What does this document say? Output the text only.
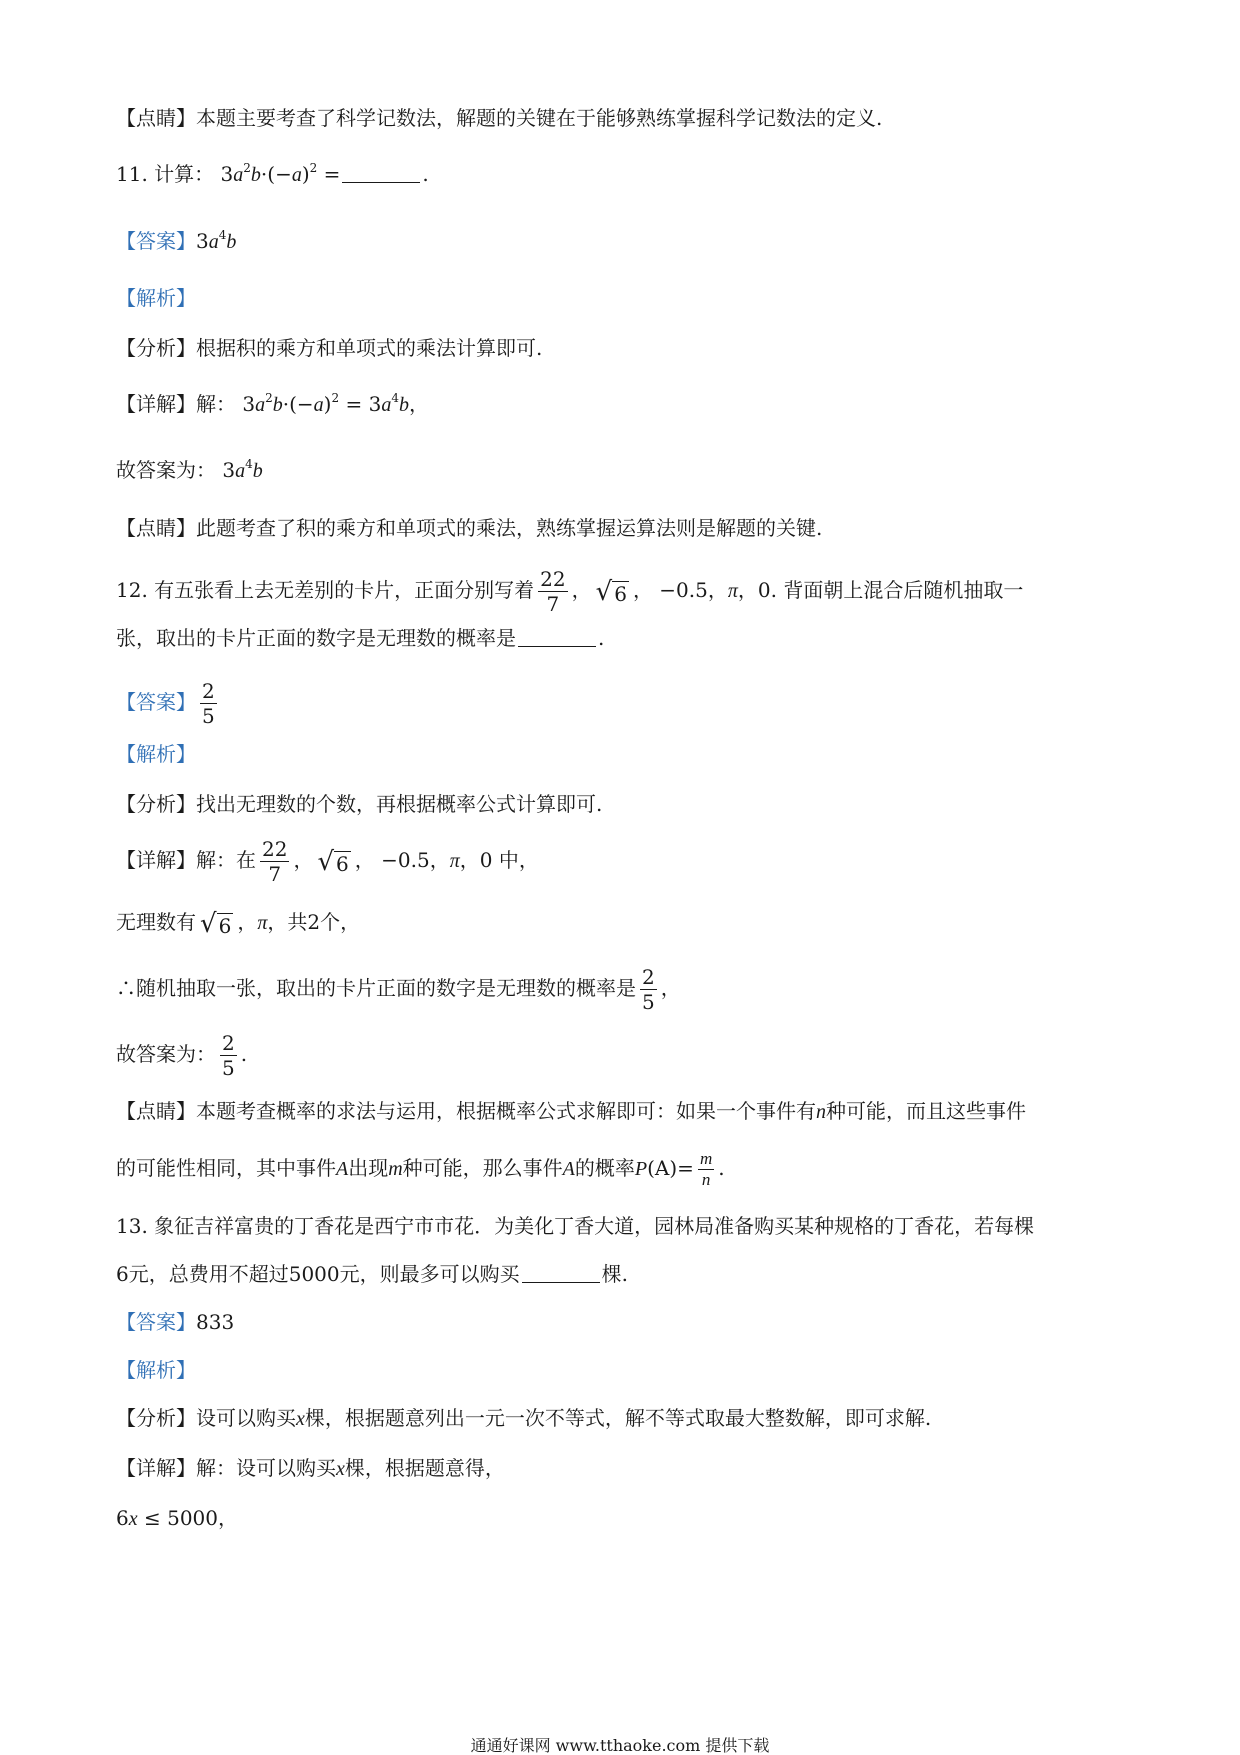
【点睛】本题主要考查了科学记数法，解题的关键在于能够熟练掌握科学记数法的定义.
11. 计算： $3a^2b\cdot(-a)^2$ =	.
【答案】$3a^4b$
【解析】
【分析】根据积的乘方和单项式的乘法计算即可.
【详解】解： $3a^2b\cdot(-a)^2 = 3a^4b$，
故答案为： $3a^4b$
【点睛】此题考查了积的乘方和单项式的乘法，熟练掌握运算法则是解题的关键.
12. 有五张看上去无差别的卡片，正面分别写着 $\frac{22}{7}$ ， √ 6 ， −0.5，π，0. 背面朝上混合后随机抽取一
张，取出的卡片正面的数字是无理数的概率是	.
【答案】 $\frac{2}{5}$
【解析】
【分析】找出无理数的个数，再根据概率公式计算即可.
【详解】解：在 $\frac{22}{7}$ ， √ 6 ， −0.5，π，0 中，
无理数有 √ 6 ，π，共2个，
∴随机抽取一张，取出的卡片正面的数字是无理数的概率是 $\frac{2}{5}$ ，
故答案为： $\frac{2}{5}$ .
【点睛】本题考查概率的求法与运用，根据概率公式求解即可：如果一个事件有n种可能，而且这些事件
的可能性相同，其中事件A出现m种可能，那么事件A的概率$P(A)= \frac{m}{n}$ .
13. 象征吉祥富贵的丁香花是西宁市市花．为美化丁香大道，园林局准备购买某种规格的丁香花，若每棵
6元，总费用不超过5000元，则最多可以购买	棵.
【答案】833
【解析】
【分析】设可以购买x棵，根据题意列出一元一次不等式，解不等式取最大整数解，即可求解.
【详解】解：设可以购买x棵，根据题意得，
6x ≤ 5000，
通通好课网 www.tthaoke.com 提供下载
